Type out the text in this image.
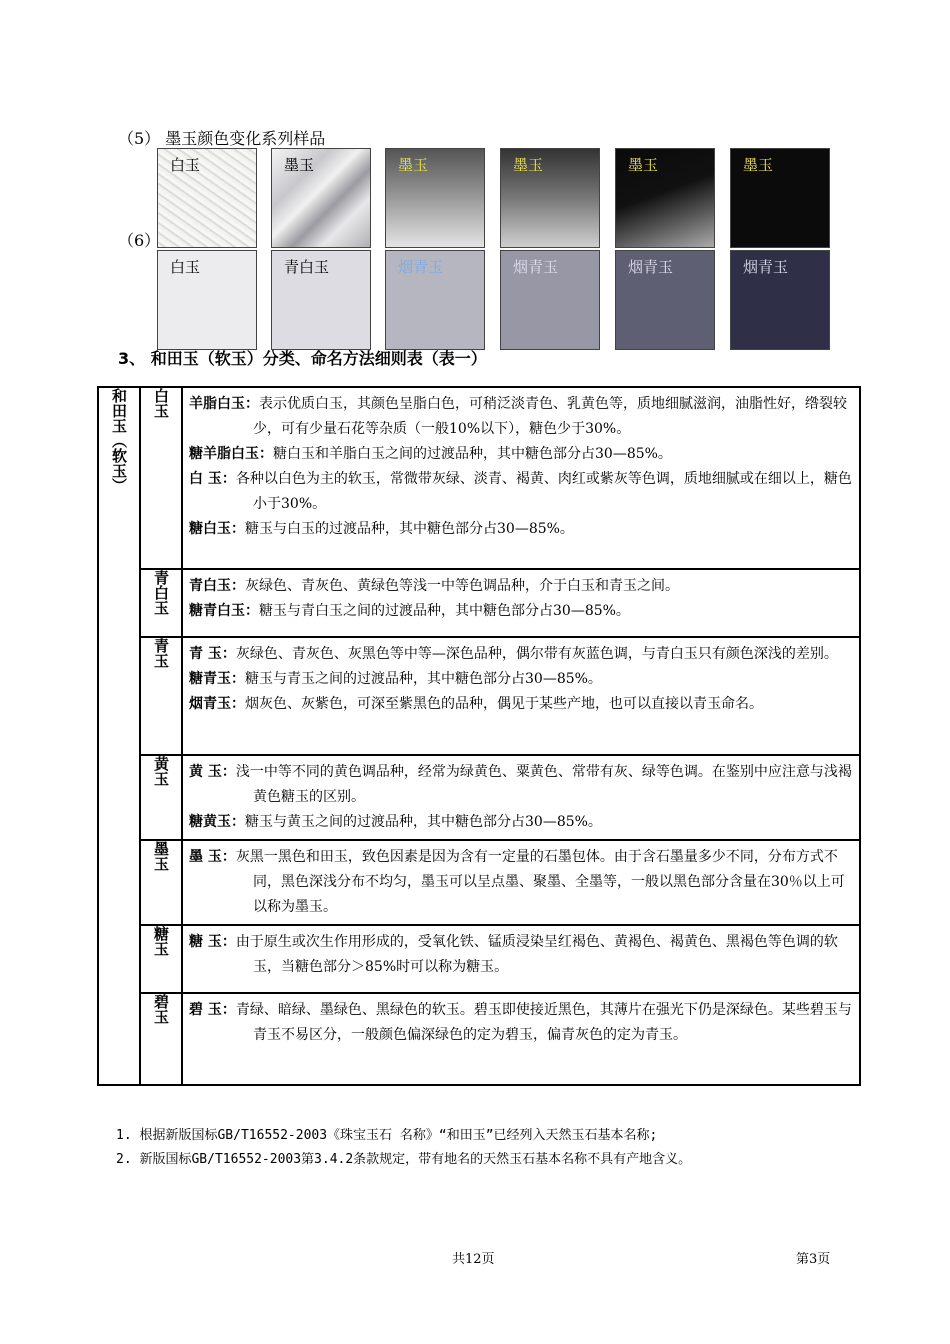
（5） 墨玉颜色变化系列样品
白玉	墨玉	墨玉	墨玉	墨玉	墨玉
（6）
白玉	青白玉	烟青玉	烟青玉	烟青玉	烟青玉
3、 和田玉（软玉）分类、命名方法细则表（表一）
和田玉（软玉）	白玉	羊脂白玉：表示优质白玉，其颜色呈脂白色，可稍泛淡青色、乳黄色等，质地细腻滋润，油脂性好，绺裂较少，可有少量石花等杂质（一般10%以下），糖色少于30%。
糖羊脂白玉：糖白玉和羊脂白玉之间的过渡品种，其中糖色部分占30—85%。
白 玉：各种以白色为主的软玉，常微带灰绿、淡青、褐黄、肉红或紫灰等色调，质地细腻或在细以上，糖色小于30%。
糖白玉：糖玉与白玉的过渡品种，其中糖色部分占30—85%。

	青白玉	青白玉：灰绿色、青灰色、黄绿色等浅一中等色调品种，介于白玉和青玉之间。
糖青白玉：糖玉与青白玉之间的过渡品种，其中糖色部分占30—85%。

	青玉	青 玉：灰绿色、青灰色、灰黑色等中等—深色品种，偶尔带有灰蓝色调，与青白玉只有颜色深浅的差别。
糖青玉：糖玉与青玉之间的过渡品种，其中糖色部分占30—85%。
烟青玉：烟灰色、灰紫色，可深至紫黑色的品种，偶见于某些产地，也可以直接以青玉命名。

	黄玉	黄 玉：浅一中等不同的黄色调品种，经常为绿黄色、粟黄色、常带有灰、绿等色调。在鉴别中应注意与浅褐黄色糖玉的区别。
糖黄玉：糖玉与黄玉之间的过渡品种，其中糖色部分占30—85%。

	墨玉	墨 玉：灰黑一黑色和田玉，致色因素是因为含有一定量的石墨包体。由于含石墨量多少不同，分布方式不同，黑色深浅分布不均匀，墨玉可以呈点墨、聚墨、全墨等，一般以黑色部分含量在30％以上可以称为墨玉。

	糖玉	糖 玉：由于原生或次生作用形成的，受氧化铁、锰质浸染呈红褐色、黄褐色、褐黄色、黑褐色等色调的软玉，当糖色部分＞85%时可以称为糖玉。

	碧玉	碧 玉：青绿、暗绿、墨绿色、黑绿色的软玉。碧玉即使接近黑色，其薄片在强光下仍是深绿色。某些碧玉与青玉不易区分，一般颜色偏深绿色的定为碧玉，偏青灰色的定为青玉。
1. 根据新版国标GB/T16552-2003《珠宝玉石 名称》“和田玉”已经列入天然玉石基本名称;
2. 新版国标GB/T16552-2003第3.4.2条款规定，带有地名的天然玉石基本名称不具有产地含义。
共12页	第3页
